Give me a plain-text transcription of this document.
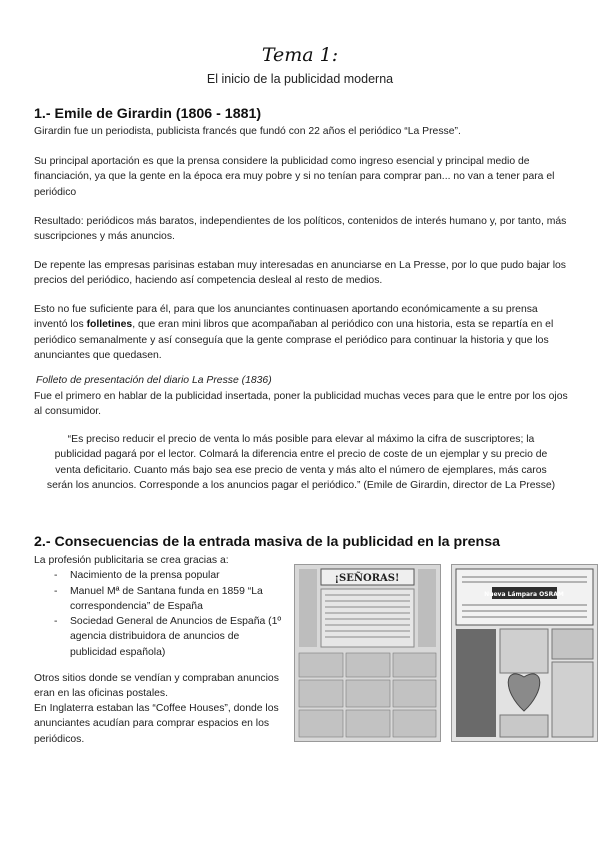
Tema 1:
El inicio de la publicidad moderna
1.- Emile de Girardin (1806 - 1881)
Girardin fue un periodista, publicista francés que fundó con 22 años el periódico “La Presse”.
Su principal aportación es que la prensa considere la publicidad como ingreso esencial y principal medio de financiación, ya que la gente en la época era muy pobre y si no tenían para comprar pan... no van a tener para el periódico
Resultado: periódicos más baratos, independientes de los políticos, contenidos de interés humano y, por tanto, más suscripciones y más anuncios.
De repente las empresas parisinas estaban muy interesadas en anunciarse en La Presse, por lo que pudo bajar los precios del periódico, haciendo así competencia desleal al resto de medios.
Esto no fue suficiente para él, para que los anunciantes continuasen aportando económicamente a su prensa inventó los folletines, que eran mini libros que acompañaban al periódico con una historia, esta se repartía en el periódico semanalmente y así conseguía que la gente comprase el periódico para continuar la historia y que los anunciantes que quedasen.
Folleto de presentación del diario La Presse (1836)
Fue el primero en hablar de la publicidad insertada, poner la publicidad muchas veces para que le entre por los ojos al consumidor.
“Es preciso reducir el precio de venta lo más posible para elevar al máximo la cifra de suscriptores; la publicidad pagará por el lector. Colmará la diferencia entre el precio de coste de un ejemplar y su precio de venta deficitario. Cuanto más bajo sea ese precio de venta y más alto el número de ejemplares, más caros serán los anuncios. Corresponde a los anuncios pagar el periódico.” (Emile de Girardin, director de La Presse)
2.- Consecuencias de la entrada masiva de la publicidad en la prensa
La profesión publicitaria se crea gracias a:
- Nacimiento de la prensa popular
- Manuel Mª de Santana funda en 1859 “La correspondencia” de España
- Sociedad General de Anuncios de España (1º agencia distribuidora de anuncios de publicidad española)
Otros sitios donde se vendían y compraban anuncios eran en las oficinas postales.
En Inglaterra estaban las “Coffee Houses”, donde los anunciantes acudían para comprar espacios en los periódicos.
¡SEÑORAS!
Nueva Lámpara OSRAM
